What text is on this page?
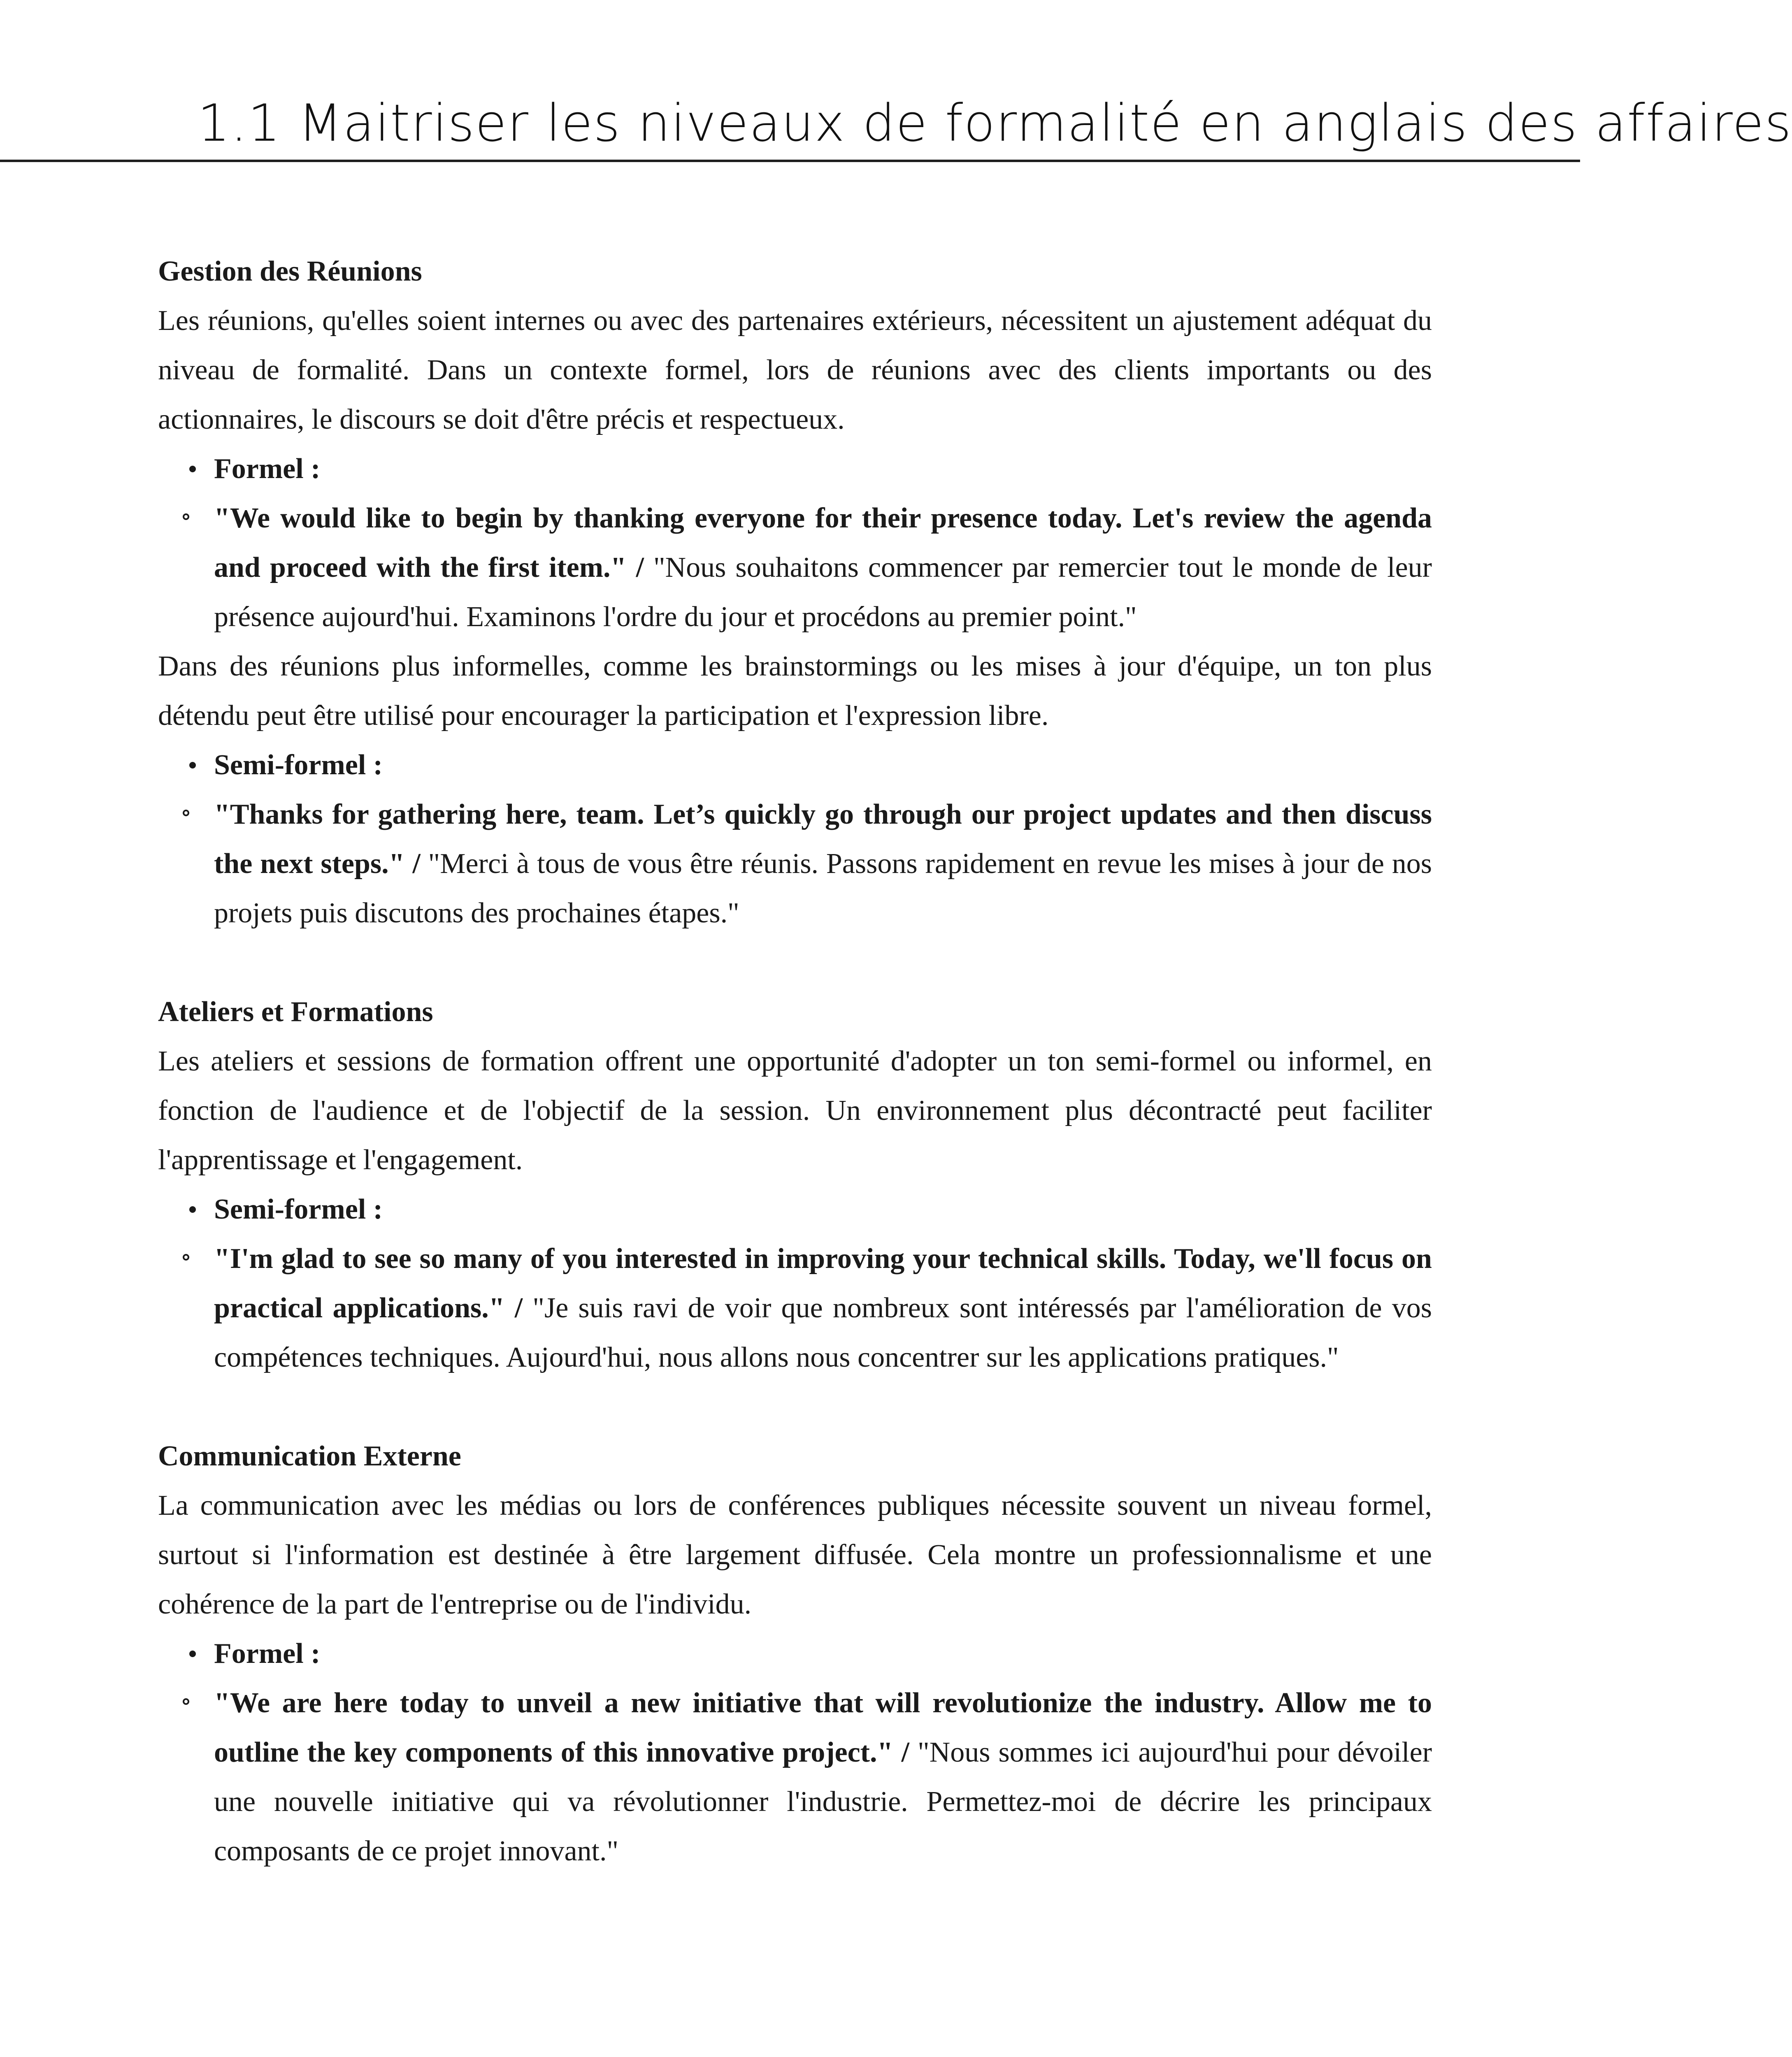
1.1 Maitriser les niveaux de formalité en anglais des affaires

Gestion des Réunions

Les réunions, qu'elles soient internes ou avec des partenaires extérieurs, nécessitent un ajustement adéquat du niveau de formalité. Dans un contexte formel, lors de réunions avec des clients importants ou des actionnaires, le discours se doit d'être précis et respectueux.

Formel :
"We would like to begin by thanking everyone for their presence today. Let's review the agenda and proceed with the first item." / "Nous souhaitons commencer par remercier tout le monde de leur présence aujourd'hui. Examinons l'ordre du jour et procédons au premier point."

Dans des réunions plus informelles, comme les brainstormings ou les mises à jour d'équipe, un ton plus détendu peut être utilisé pour encourager la participation et l'expression libre.

Semi-formel :
"Thanks for gathering here, team. Let’s quickly go through our project updates and then discuss the next steps." / "Merci à tous de vous être réunis. Passons rapidement en revue les mises à jour de nos projets puis discutons des prochaines étapes."

Ateliers et Formations

Les ateliers et sessions de formation offrent une opportunité d'adopter un ton semi-formel ou informel, en fonction de l'audience et de l'objectif de la session. Un environnement plus décontracté peut faciliter l'apprentissage et l'engagement.

Semi-formel :
"I'm glad to see so many of you interested in improving your technical skills. Today, we'll focus on practical applications." / "Je suis ravi de voir que nombreux sont intéressés par l'amélioration de vos compétences techniques. Aujourd'hui, nous allons nous concentrer sur les applications pratiques."

Communication Externe

La communication avec les médias ou lors de conférences publiques nécessite souvent un niveau formel, surtout si l'information est destinée à être largement diffusée. Cela montre un professionnalisme et une cohérence de la part de l'entreprise ou de l'individu.

Formel :
"We are here today to unveil a new initiative that will revolutionize the industry. Allow me to outline the key components of this innovative project." / "Nous sommes ici aujourd'hui pour dévoiler une nouvelle initiative qui va révolutionner l'industrie. Permettez-moi de décrire les principaux composants de ce projet innovant."
